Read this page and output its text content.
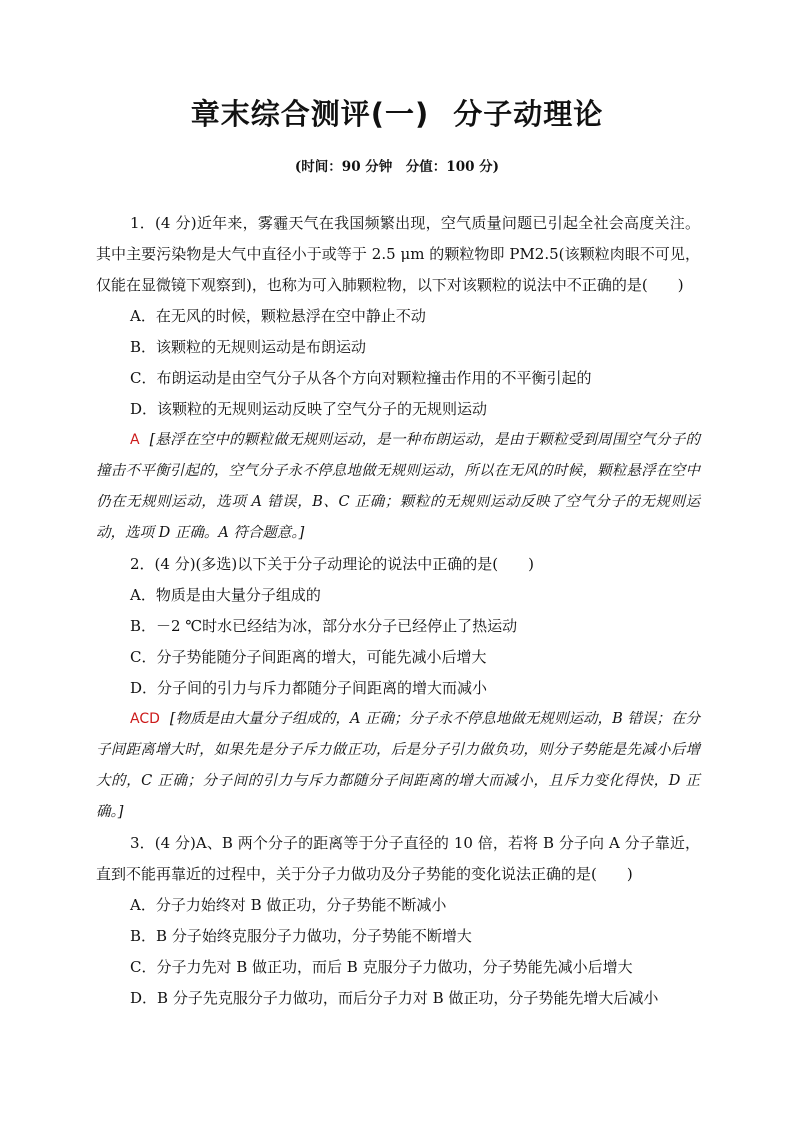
章末综合测评(一) 分子动理论
(时间：90 分钟　分值：100 分)

1．(4 分)近年来，雾霾天气在我国频繁出现，空气质量问题已引起全社会高度关注。其中主要污染物是大气中直径小于或等于 2.5 μm 的颗粒物即 PM2.5(该颗粒肉眼不可见，仅能在显微镜下观察到)，也称为可入肺颗粒物，以下对该颗粒的说法中不正确的是(　　)

A．在无风的时候，颗粒悬浮在空中静止不动

B．该颗粒的无规则运动是布朗运动

C．布朗运动是由空气分子从各个方向对颗粒撞击作用的不平衡引起的

D．该颗粒的无规则运动反映了空气分子的无规则运动

A [悬浮在空中的颗粒做无规则运动，是一种布朗运动，是由于颗粒受到周围空气分子的撞击不平衡引起的，空气分子永不停息地做无规则运动，所以在无风的时候，颗粒悬浮在空中仍在无规则运动，选项 A 错误，B、C 正确；颗粒的无规则运动反映了空气分子的无规则运动，选项 D 正确。A 符合题意。]

2．(4 分)(多选)以下关于分子动理论的说法中正确的是(　　)

A．物质是由大量分子组成的

B．－2 ℃时水已经结为冰，部分水分子已经停止了热运动

C．分子势能随分子间距离的增大，可能先减小后增大

D．分子间的引力与斥力都随分子间距离的增大而减小

ACD [物质是由大量分子组成的，A 正确；分子永不停息地做无规则运动，B 错误；在分子间距离增大时，如果先是分子斥力做正功，后是分子引力做负功，则分子势能是先减小后增大的，C 正确；分子间的引力与斥力都随分子间距离的增大而减小，且斥力变化得快，D 正确。]

3．(4 分)A、B 两个分子的距离等于分子直径的 10 倍，若将 B 分子向 A 分子靠近，直到不能再靠近的过程中，关于分子力做功及分子势能的变化说法正确的是(　　)

A．分子力始终对 B 做正功，分子势能不断减小

B．B 分子始终克服分子力做功，分子势能不断增大

C．分子力先对 B 做正功，而后 B 克服分子力做功，分子势能先减小后增大

D．B 分子先克服分子力做功，而后分子力对 B 做正功，分子势能先增大后减小
